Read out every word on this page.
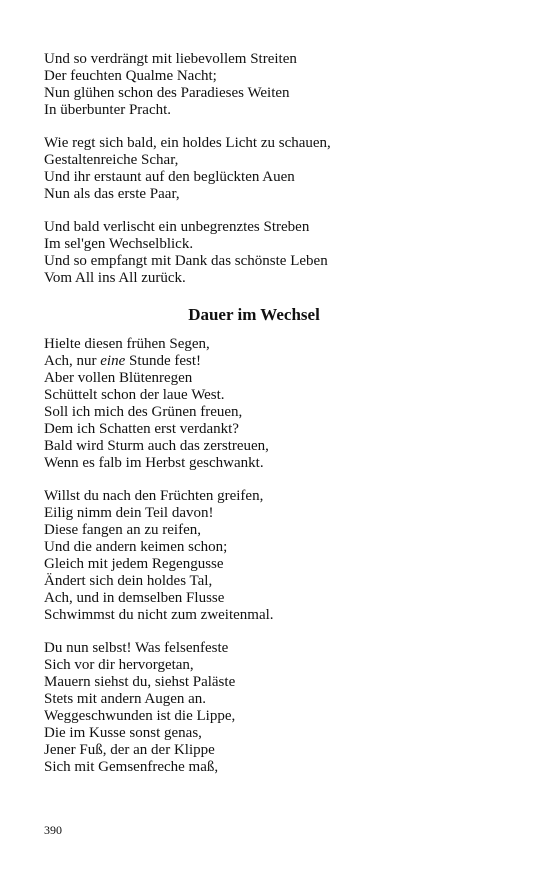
Und so verdrängt mit liebevollem Streiten
Der feuchten Qualme Nacht;
Nun glühen schon des Paradieses Weiten
In überbunter Pracht.
Wie regt sich bald, ein holdes Licht zu schauen,
Gestaltenreiche Schar,
Und ihr erstaunt auf den beglückten Auen
Nun als das erste Paar,
Und bald verlischt ein unbegrenztes Streben
Im sel'gen Wechselblick.
Und so empfangt mit Dank das schönste Leben
Vom All ins All zurück.
Dauer im Wechsel
Hielte diesen frühen Segen,
Ach, nur eine Stunde fest!
Aber vollen Blütenregen
Schüttelt schon der laue West.
Soll ich mich des Grünen freuen,
Dem ich Schatten erst verdankt?
Bald wird Sturm auch das zerstreuen,
Wenn es falb im Herbst geschwankt.
Willst du nach den Früchten greifen,
Eilig nimm dein Teil davon!
Diese fangen an zu reifen,
Und die andern keimen schon;
Gleich mit jedem Regengusse
Ändert sich dein holdes Tal,
Ach, und in demselben Flusse
Schwimmst du nicht zum zweitenmal.
Du nun selbst! Was felsenfeste
Sich vor dir hervorgetan,
Mauern siehst du, siehst Paläste
Stets mit andern Augen an.
Weggeschwunden ist die Lippe,
Die im Kusse sonst genas,
Jener Fuß, der an der Klippe
Sich mit Gemsenfreche maß,
390
